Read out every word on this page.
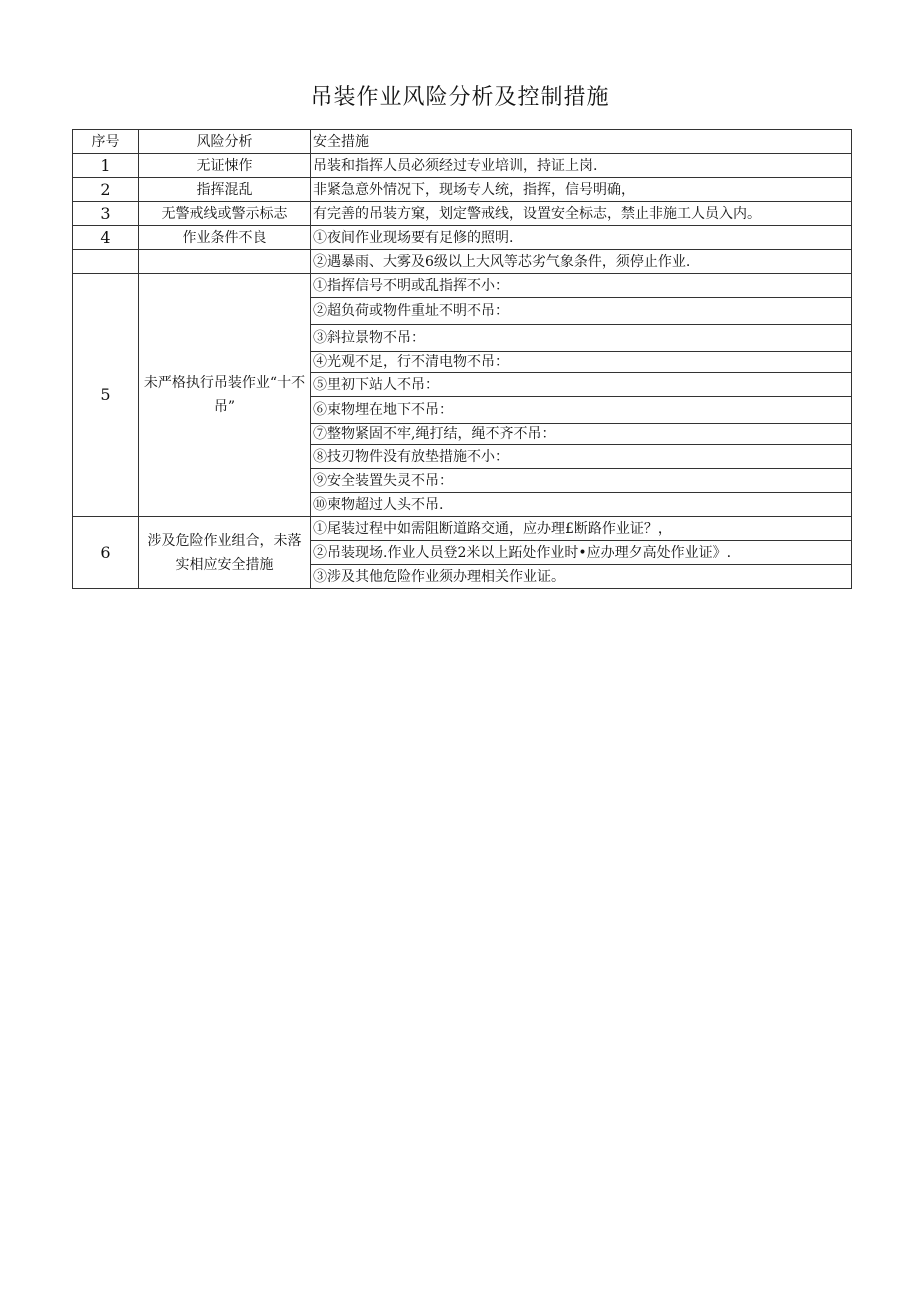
吊装作业风险分析及控制措施
序号	风险分析	安全措施
1	无证悚作	吊装和指挥人员必须经过专业培训，持证上岗.
2	指挥混乱	非紧急意外情况下，现场专人统，指挥，信号明确，
3	无警戒线或警示标志	有完善的吊装方窠，划定警戒线，设置安全标志，禁止非施工人员入内。
4	作业条件不良	①夜间作业现场要有足修的照明.
		②遇暴雨、大雾及6级以上大风等芯劣气象条件，须停止作业.
5	未严格执行吊装作业“十不吊”	①指挥信号不明或乱指挥不小：
		②超负荷或物件重址不明不吊：
		③斜拉景物不吊：
		④光观不足，行不清电物不吊：
		⑤里初下站人不吊：
		⑥束物埋在地下不吊：
		⑦整物紧固不牢,绳打结，绳不齐不吊：
		⑧技刃物件没有放垫措施不小：
		⑨安全装置失灵不吊：
		⑩柬物超过人头不吊.
6	涉及危险作业组合，未落实相应安全措施	①尾装过程中如需阻断道路交通，应办理£断路作业证？，
		②吊装现场.作业人员登2米以上跖处作业时•应办理夕高处作业证》.
		③涉及其他危险作业须办理相关作业证。
